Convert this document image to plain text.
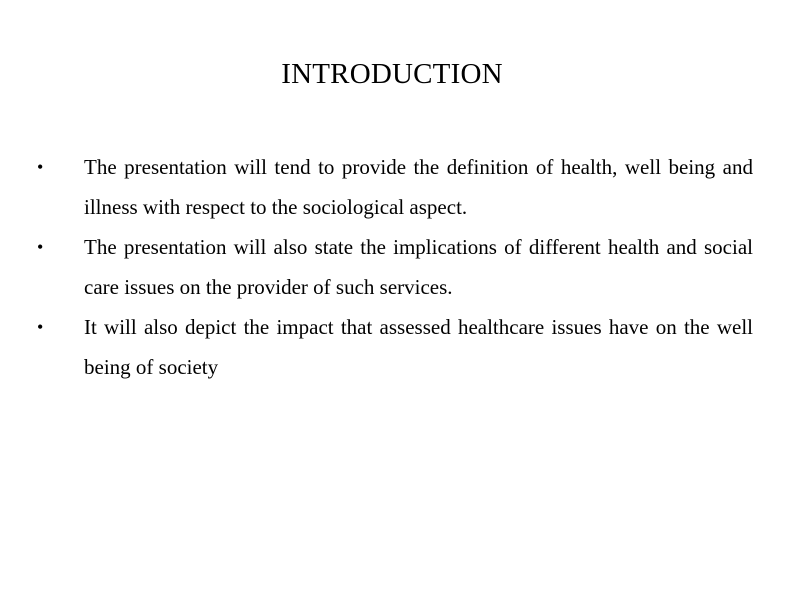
INTRODUCTION
•	The presentation will tend to provide the definition of health, well being and illness with respect to the sociological aspect.
•	The presentation will also state the implications of different health and social care issues on the provider of such services.
•	It will also depict the impact that assessed healthcare issues have on the well being of society
